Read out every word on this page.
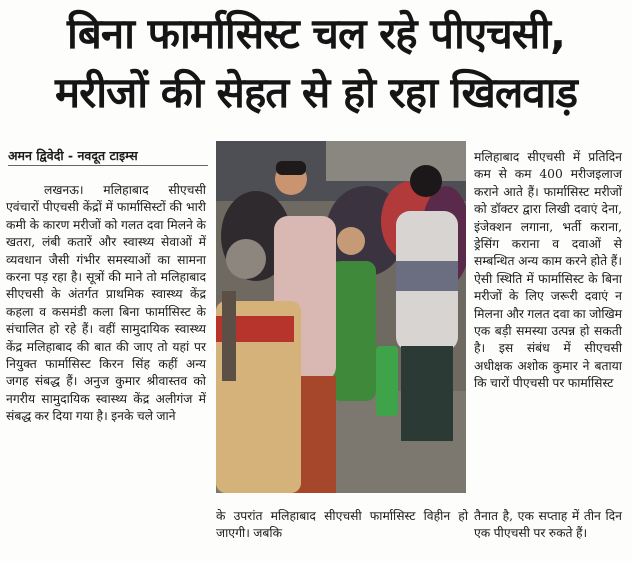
बिना फार्मासिस्ट चल रहे पीएचसी,
मरीजों की सेहत से हो रहा खिलवाड़
अमन द्विवेदी - नवदूत टाइम्स

लखनऊ। मलिहाबाद सीएचसी एवंचारों पीएचसी केंद्रों में फार्मासिस्टों की भारी कमी के कारण मरीजों को गलत दवा मिलने के खतरा, लंबी कतारें और स्वास्थ्य सेवाओं में व्यवधान जैसी गंभीर समस्याओं का सामना करना पड़ रहा है। सूत्रों की माने तो मलिहाबाद सीएचसी के अंतर्गत प्राथमिक स्वास्थ्य केंद्र कहला व कसमंडी कला बिना फार्मासिस्ट के संचालित हो रहे हैं। वहीं सामुदायिक स्वास्थ्य केंद्र मलिहाबाद की बात की जाए तो यहां पर नियुक्त फार्मासिस्ट किरन सिंह कहीं अन्य जगह संबद्ध हैं। अनुज कुमार श्रीवास्तव को नगरीय सामुदायिक स्वास्थ्य केंद्र अलीगंज में संबद्ध कर दिया गया है। इनके चले जाने

मलिहाबाद सीएचसी में प्रतिदिन कम से कम 400 मरीजइलाज कराने आते हैं। फार्मासिस्ट मरीजों को डॉक्टर द्वारा लिखी दवाएं देना, इंजेक्शन लगाना, भर्ती कराना, ड्रेसिंग कराना व दवाओं से सम्बन्धित अन्य काम करने होते हैं। ऐसी स्थिति में फार्मासिस्ट के बिना मरीजों के लिए जरूरी दवाएं न मिलना और गलत दवा का जोखिम एक बड़ी समस्या उत्पन्न हो सकती है। इस संबंध में सीएचसी अधीक्षक अशोक कुमार ने बताया कि चारों पीएचसी पर फार्मासिस्ट

के उपरांत मलिहाबाद सीएचसी फार्मासिस्ट विहीन हो जाएगी। जबकि

तैनात है, एक सप्ताह में तीन दिन एक पीएचसी पर रुकते हैं।
